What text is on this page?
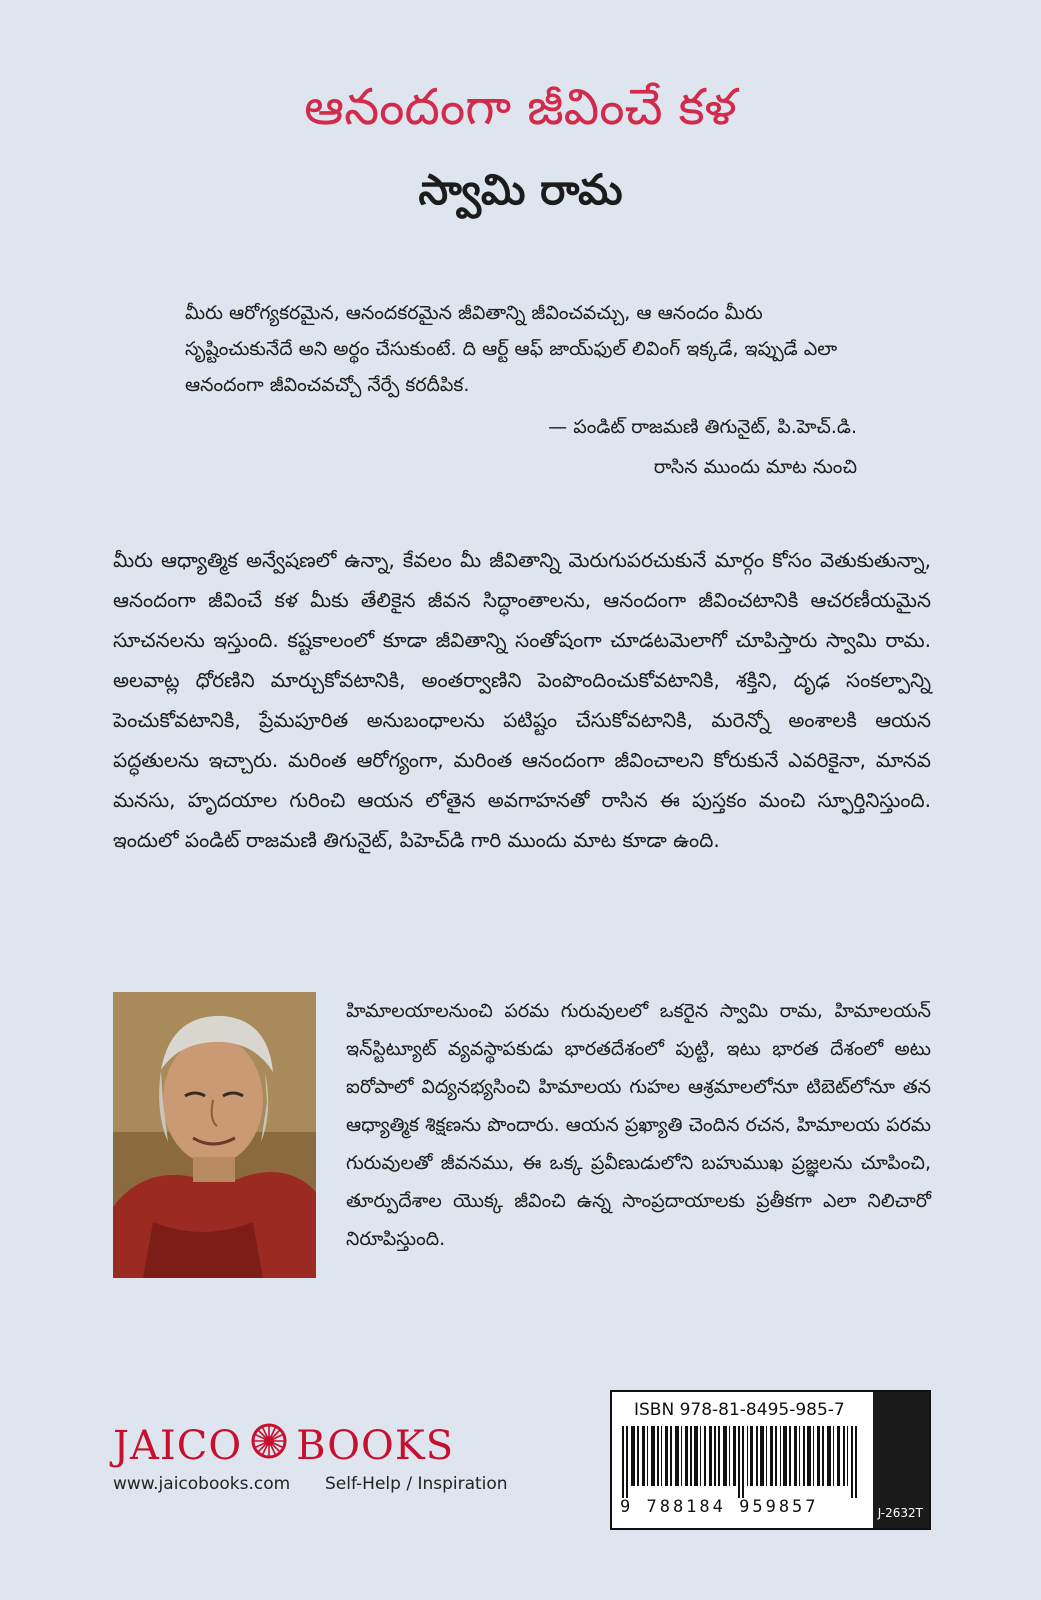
ఆనందంగా జీవించే కళ
స్వామి రామ

మీరు ఆరోగ్యకరమైన, ఆనందకరమైన జీవితాన్ని జీవించవచ్చు, ఆ ఆనందం మీరు సృష్టించుకునేదే అని అర్థం చేసుకుంటే. ది ఆర్ట్ ఆఫ్ జాయ్‌ఫుల్ లివింగ్ ఇక్కడే, ఇప్పుడే ఎలా ఆనందంగా జీవించవచ్చో నేర్పే కరదీపిక.

— పండిట్ రాజమణి తిగునైట్, పి.హెచ్.డి.

రాసిన ముందు మాట నుంచి

మీరు ఆధ్యాత్మిక అన్వేషణలో ఉన్నా, కేవలం మీ జీవితాన్ని మెరుగుపరచుకునే మార్గం కోసం వెతుకుతున్నా, ఆనందంగా జీవించే కళ మీకు తేలికైన జీవన సిద్ధాంతాలను, ఆనందంగా జీవించటానికి ఆచరణీయమైన సూచనలను ఇస్తుంది. కష్టకాలంలో కూడా జీవితాన్ని సంతోషంగా చూడటమెలాగో చూపిస్తారు స్వామి రామ. అలవాట్ల ధోరణిని మార్చుకోవటానికి, అంతర్వాణిని పెంపొందించుకోవటానికి, శక్తిని, దృఢ సంకల్పాన్ని పెంచుకోవటానికి, ప్రేమపూరిత అనుబంధాలను పటిష్టం చేసుకోవటానికి, మరెన్నో అంశాలకి ఆయన పద్ధతులను ఇచ్చారు. మరింత ఆరోగ్యంగా, మరింత ఆనందంగా జీవించాలని కోరుకునే ఎవరికైనా, మానవ మనసు, హృదయాల గురించి ఆయన లోతైన అవగాహనతో రాసిన ఈ పుస్తకం మంచి స్ఫూర్తినిస్తుంది. ఇందులో పండిట్ రాజమణి తిగునైట్, పిహెచ్‌డి గారి ముందు మాట కూడా ఉంది.

హిమాలయాలనుంచి పరమ గురువులలో ఒకరైన స్వామి రామ, హిమాలయన్ ఇన్‌స్టిట్యూట్ వ్యవస్థాపకుడు భారతదేశంలో పుట్టి, ఇటు భారత దేశంలో అటు ఐరోపాలో విద్యనభ్యసించి హిమాలయ గుహల ఆశ్రమాలలోనూ టిబెట్‌లోనూ తన ఆధ్యాత్మిక శిక్షణను పొందారు. ఆయన ప్రఖ్యాతి చెందిన రచన, హిమాలయ పరమ గురువులతో జీవనము, ఈ ఒక్క ప్రవీణుడులోని బహుముఖ ప్రజ్ఞలను చూపించి, తూర్పుదేశాల యొక్క జీవించి ఉన్న సాంప్రదాయాలకు ప్రతీకగా ఎలా నిలిచారో నిరూపిస్తుంది.

JAICO BOOKS

www.jaicobooks.com Self-Help / Inspiration

ISBN 978-81-8495-985-7

9 788184 959857	J-2632T
